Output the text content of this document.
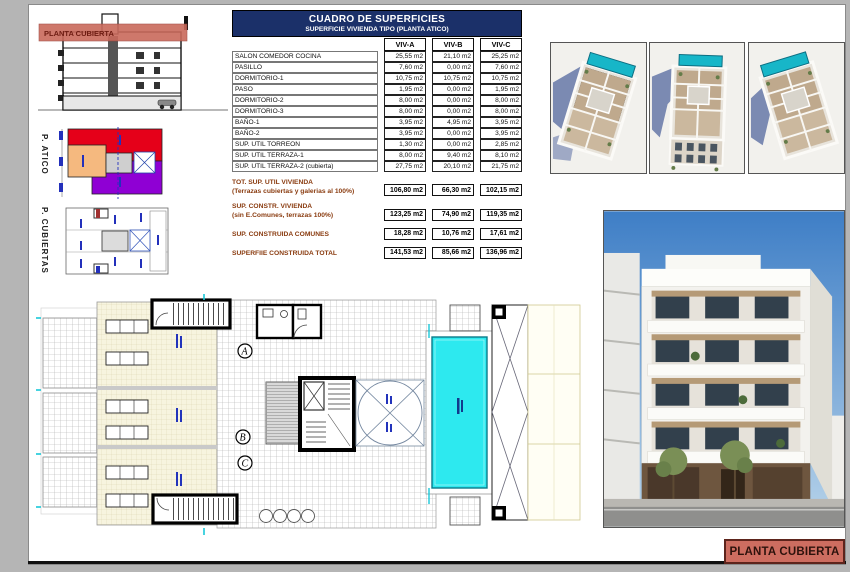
PLANTA CUBIERTA
P. ATICO
P. CUBIERTAS
CUADRO DE SUPERFICIES
SUPERFICIE VIVIENDA TIPO (PLANTA ATICO)
VIV-A	VIV-B	VIV-C
SALON COMEDOR COCINA	25,55 m2	21,10 m2	25,25 m2
PASILLO	7,60 m2	0,00 m2	7,60 m2
DORMITORIO-1	10,75 m2	10,75 m2	10,75 m2
PASO	1,95 m2	0,00 m2	1,95 m2
DORMITORIO-2	8,00 m2	0,00 m2	8,00 m2
DORMITORIO-3	8,00 m2	0,00 m2	8,00 m2
BAÑO-1	3,95 m2	4,95 m2	3,95 m2
BAÑO-2	3,95 m2	0,00 m2	3,95 m2
SUP. UTIL TORREON	1,30 m2	0,00 m2	2,85 m2
SUP. UTIL TERRAZA-1	8,00 m2	9,40 m2	8,10 m2
SUP. UTIL TERRAZA-2 (cubierta)	27,75 m2	20,10 m2	21,75 m2
TOT. SUP. UTIL VIVIENDA
(Terrazas cubiertas y galerias al 100%)	106,80 m2	66,30 m2	102,15 m2
SUP. CONSTR. VIVIENDA
(sin E.Comunes, terrazas 100%)	123,25 m2	74,90 m2	119,35 m2
SUP. CONSTRUIDA COMUNES	18,28 m2	10,76 m2	17,61 m2
SUPERFIIE CONSTRUIDA TOTAL	141,53 m2	85,66 m2	136,96 m2
A
B
C
PLANTA CUBIERTA
